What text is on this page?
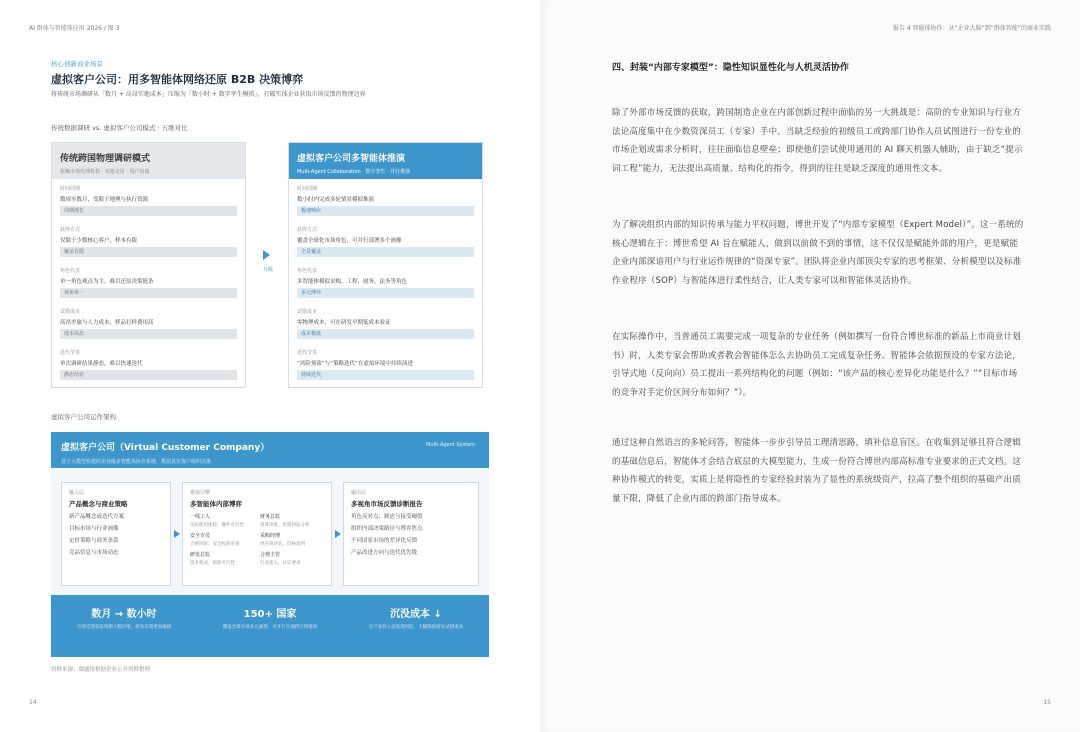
AI 群体与智能体应用 2026 / 图 3
核心创新商业场景
虚拟客户公司：用多智能体网络还原 B2B 决策博弈
将传统市场调研从「数月 + 高昂实地成本」压缩为「数小时 + 数字孪生模拟」，打破实体企业获取市场反馈的物理边界
传统数据调研 vs. 虚拟客户公司模式 · 五维对比
传统跨国物理调研模式
依赖市场代理机构 · 实地走访 · 用户访谈
时间周期
数周至数月，受限于地理与执行资源
周期漫长
获得方式
仅限于少数核心客户，样本有限
覆盖有限
角色代表
单一角色观点为主，难以还原决策链条
视角单一
试错成本
高昂差旅与人力成本，样品打样费用高
成本高昂
迭代节奏
单次调研结果静态，难以快速迭代
静态结论
升级
虚拟客户公司多智能体推演
Multi-Agent Collaboration · 数字孪生 · 并行推演
时间周期
数小时内完成多轮情景模拟推演
极速响应
获得方式
覆盖全球化市场角色，可并行部署多个画像
全景覆盖
角色代表
多智能体模拟采购、工程、财务、法务等角色
多元博弈
试错成本
零物理成本，可在研发早期低成本验证
成本极低
迭代节奏
“风险预演”与“策略迭代”在虚拟环境中持续演进
持续迭代
虚拟客户公司运作架构
虚拟客户公司（Virtual Customer Company）
基于大模型构建的企业级多智能体协作系统，模拟真实客户组织决策
Multi-Agent System
输入层
产品概念与商业策略
新产品概念或迭代方案
目标市场与行业画像
定价策略与商务条款
竞品信息与市场动态
推演引擎
多智能体内部博弈
一线工人
实际使用体验、操作可行性
财务总监
预算审批、投资回报分析
安全专员
合规风险、安全标准审查
采购经理
供应商评估、价格谈判
研发总监
技术集成、创新可行性
合规主管
行业准入、认证要求
输出层
多视角市场反馈诊断报告
角色反对点、顾虑与接受阈值
组织内部决策路径与博弈焦点
不同国家市场的差异化反馈
产品改进方向与迭代优先级
数月 → 数小时
市场反馈获取周期大幅压缩，研发决策更加敏捷
150+ 国家
覆盖全球市场多元画像，可并行开展跨区域推演
沉没成本 ↓
在产品投入前发现风险，大幅降低研发试错成本
资料来源：课题组根据企业公开资料整理
14
报告 4 智能体协作：从“企业大脑”到“群体智能”的商业实践
四、封装“内部专家模型”：隐性知识显性化与人机灵活协作

除了外部市场反馈的获取，跨国制造企业在内部创新过程中面临的另一大挑战是：高阶的专业知识与行业方法论高度集中在少数资深员工（专家）手中。当缺乏经验的初级员工或跨部门协作人员试图进行一份专业的市场企划或需求分析时，往往面临信息壁垒；即使他们尝试使用通用的 AI 聊天机器人辅助，由于缺乏“提示词工程”能力，无法提出高质量、结构化的指令，得到的往往是缺乏深度的通用性文本。

为了解决组织内部的知识传承与能力平权问题，博世开发了“内部专家模型（Expert Model）”。这一系统的核心逻辑在于：博世希望 AI 旨在赋能人，做到以前做不到的事情，这不仅仅是赋能外部的用户，更是赋能企业内部深谙用户与行业运作规律的“资深专家”。团队将企业内部顶尖专家的思考框架、分析模型以及标准作业程序（SOP）与智能体进行柔性结合，让人类专家可以和智能体灵活协作。

在实际操作中，当普通员工需要完成一项复杂的专业任务（例如撰写一份符合博世标准的新品上市商业计划书）时，人类专家会帮助或者教会智能体怎么去协助员工完成复杂任务。智能体会依据预设的专家方法论，引导式地（反向向）员工提出一系列结构化的问题（例如：“该产品的核心差异化功能是什么？”“目标市场的竞争对手定价区间分布如何？”）。

通过这种自然语言的多轮问答，智能体一步步引导员工理清思路，填补信息盲区。在收集到足够且符合逻辑的基础信息后，智能体才会结合底层的大模型能力，生成一份符合博世内部高标准专业要求的正式文档。这种协作模式的转变，实质上是将隐性的专家经验封装为了显性的系统级资产，拉高了整个组织的基础产出质量下限，降低了企业内部的跨部门指导成本。

15
